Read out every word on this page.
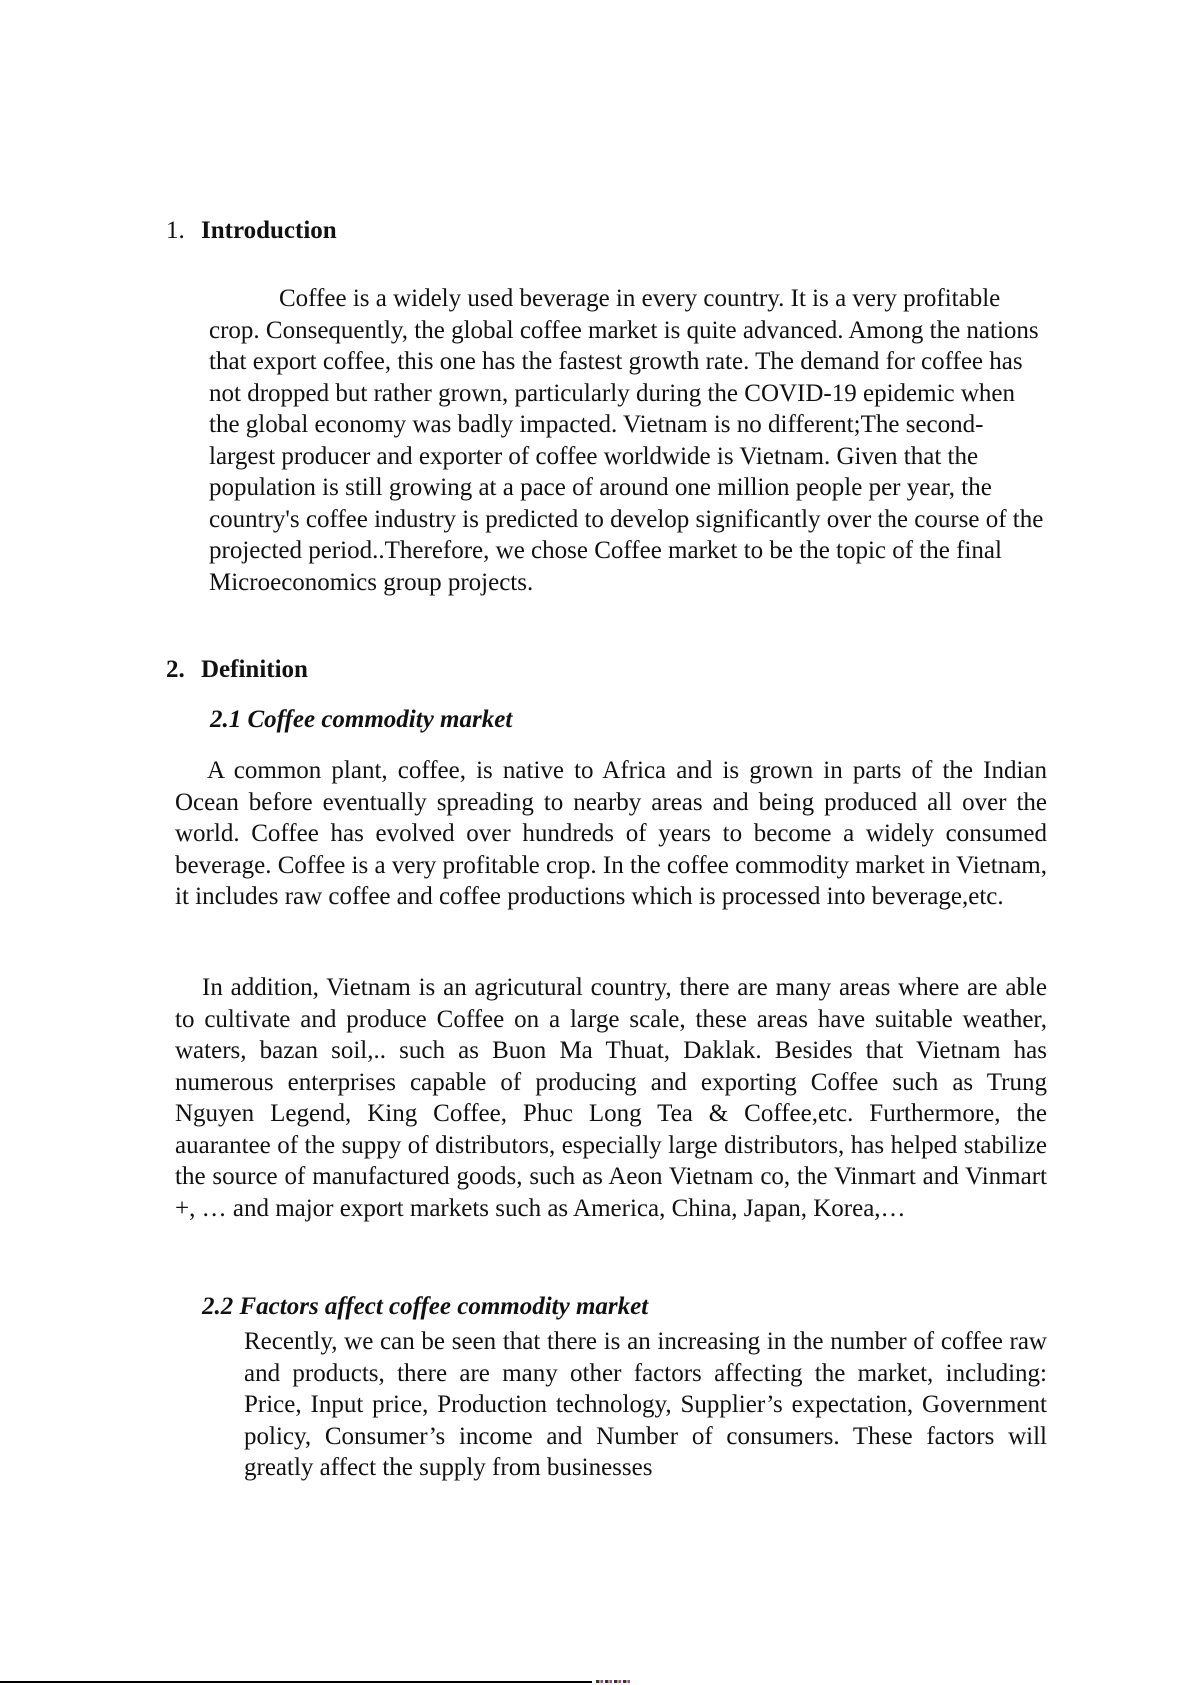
1. Introduction

Coffee is a widely used beverage in every country. It is a very profitable crop. Consequently, the global coffee market is quite advanced. Among the nations that export coffee, this one has the fastest growth rate. The demand for coffee has not dropped but rather grown, particularly during the COVID-19 epidemic when the global economy was badly impacted. Vietnam is no different;The second-largest producer and exporter of coffee worldwide is Vietnam. Given that the population is still growing at a pace of around one million people per year, the country's coffee industry is predicted to develop significantly over the course of the projected period..Therefore, we chose Coffee market to be the topic of the final Microeconomics group projects.

2. Definition
2.1 Coffee commodity market

A common plant, coffee, is native to Africa and is grown in parts of the Indian Ocean before eventually spreading to nearby areas and being produced all over the world. Coffee has evolved over hundreds of years to become a widely consumed beverage. Coffee is a very profitable crop. In the coffee commodity market in Vietnam, it includes raw coffee and coffee productions which is processed into beverage,etc.

In addition, Vietnam is an agricutural country, there are many areas where are able to cultivate and produce Coffee on a large scale, these areas have suitable weather, waters, bazan soil,.. such as Buon Ma Thuat, Daklak. Besides that Vietnam has numerous enterprises capable of producing and exporting Coffee such as Trung Nguyen Legend, King Coffee, Phuc Long Tea & Coffee,etc. Furthermore, the auarantee of the suppy of distributors, especially large distributors, has helped stabilize the source of manufactured goods, such as Aeon Vietnam co, the Vinmart and Vinmart +, … and major export markets such as America, China, Japan, Korea,…

2.2 Factors affect coffee commodity market

Recently, we can be seen that there is an increasing in the number of coffee raw and products, there are many other factors affecting the market, including: Price, Input price, Production technology, Supplier’s expectation, Government policy, Consumer’s income and Number of consumers. These factors will greatly affect the supply from businesses
